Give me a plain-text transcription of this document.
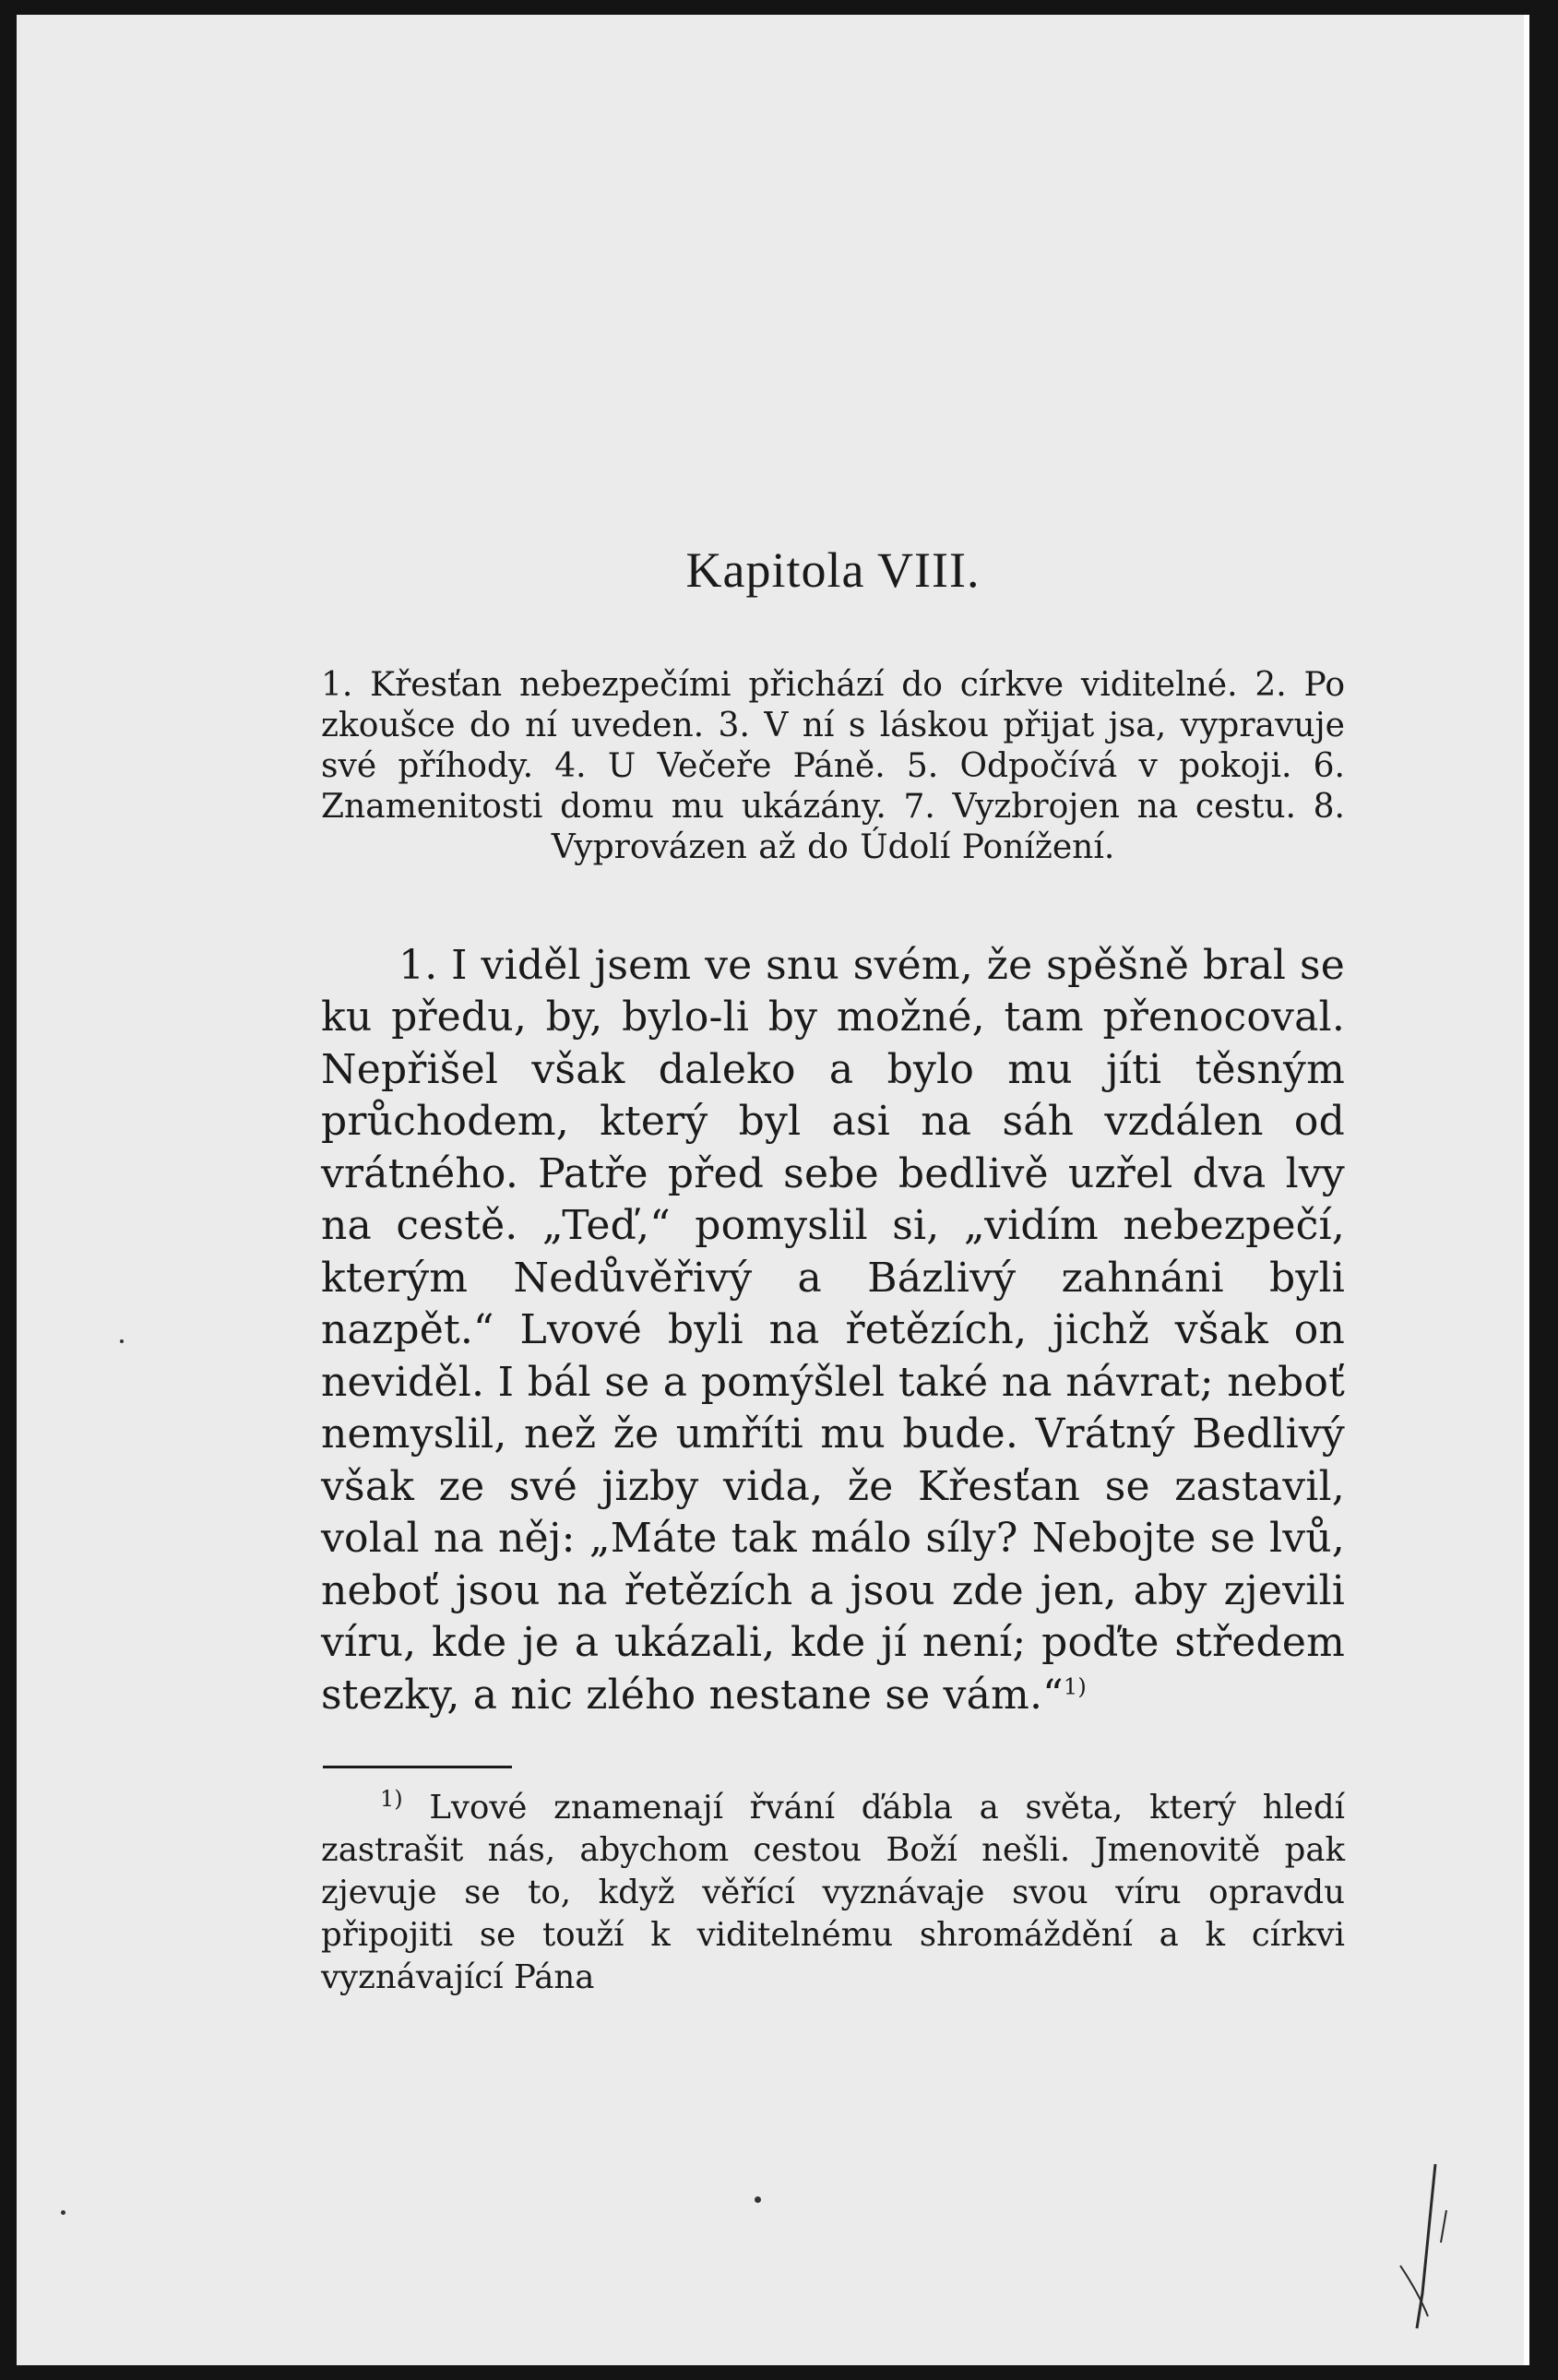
Kapitola VIII.

1. Křesťan nebezpečími přichází do církve viditelné. 2. Po zkoušce do ní uveden. 3. V ní s láskou přijat jsa, vypravuje své příhody. 4. U Večeře Páně. 5. Odpočívá v pokoji. 6. Znamenitosti domu mu ukázány. 7. Vyzbrojen na cestu. 8. Vyprovázen až do Údolí Ponížení.

1. I viděl jsem ve snu svém, že spěšně bral se ku předu, by, bylo-li by možné, tam přenocoval. Nepřišel však daleko a bylo mu jíti těsným průchodem, který byl asi na sáh vzdálen od vrátného. Patře před sebe bedlivě uzřel dva lvy na cestě. „Teď,“ pomyslil si, „vidím nebezpečí, kterým Nedůvěřivý a Bázlivý zahnáni byli nazpět.“ Lvové byli na řetězích, jichž však on neviděl. I bál se a pomýšlel také na návrat; neboť nemyslil, než že umříti mu bude. Vrátný Bedlivý však ze své jizby vida, že Křesťan se zastavil, volal na něj: „Máte tak málo síly? Nebojte se lvů, neboť jsou na řetězích a jsou zde jen, aby zjevili víru, kde je a ukázali, kde jí není; poďte středem stezky, a nic zlého nestane se vám.“$^{1)}$

$^{1)}$ Lvové znamenají řvání ďábla a světa, který hledí zastrašit nás, abychom cestou Boží nešli. Jmenovitě pak zjevuje se to, když věřící vyznávaje svou víru opravdu připojiti se touží k viditelnému shromáždění a k církvi vyznávající Pána
